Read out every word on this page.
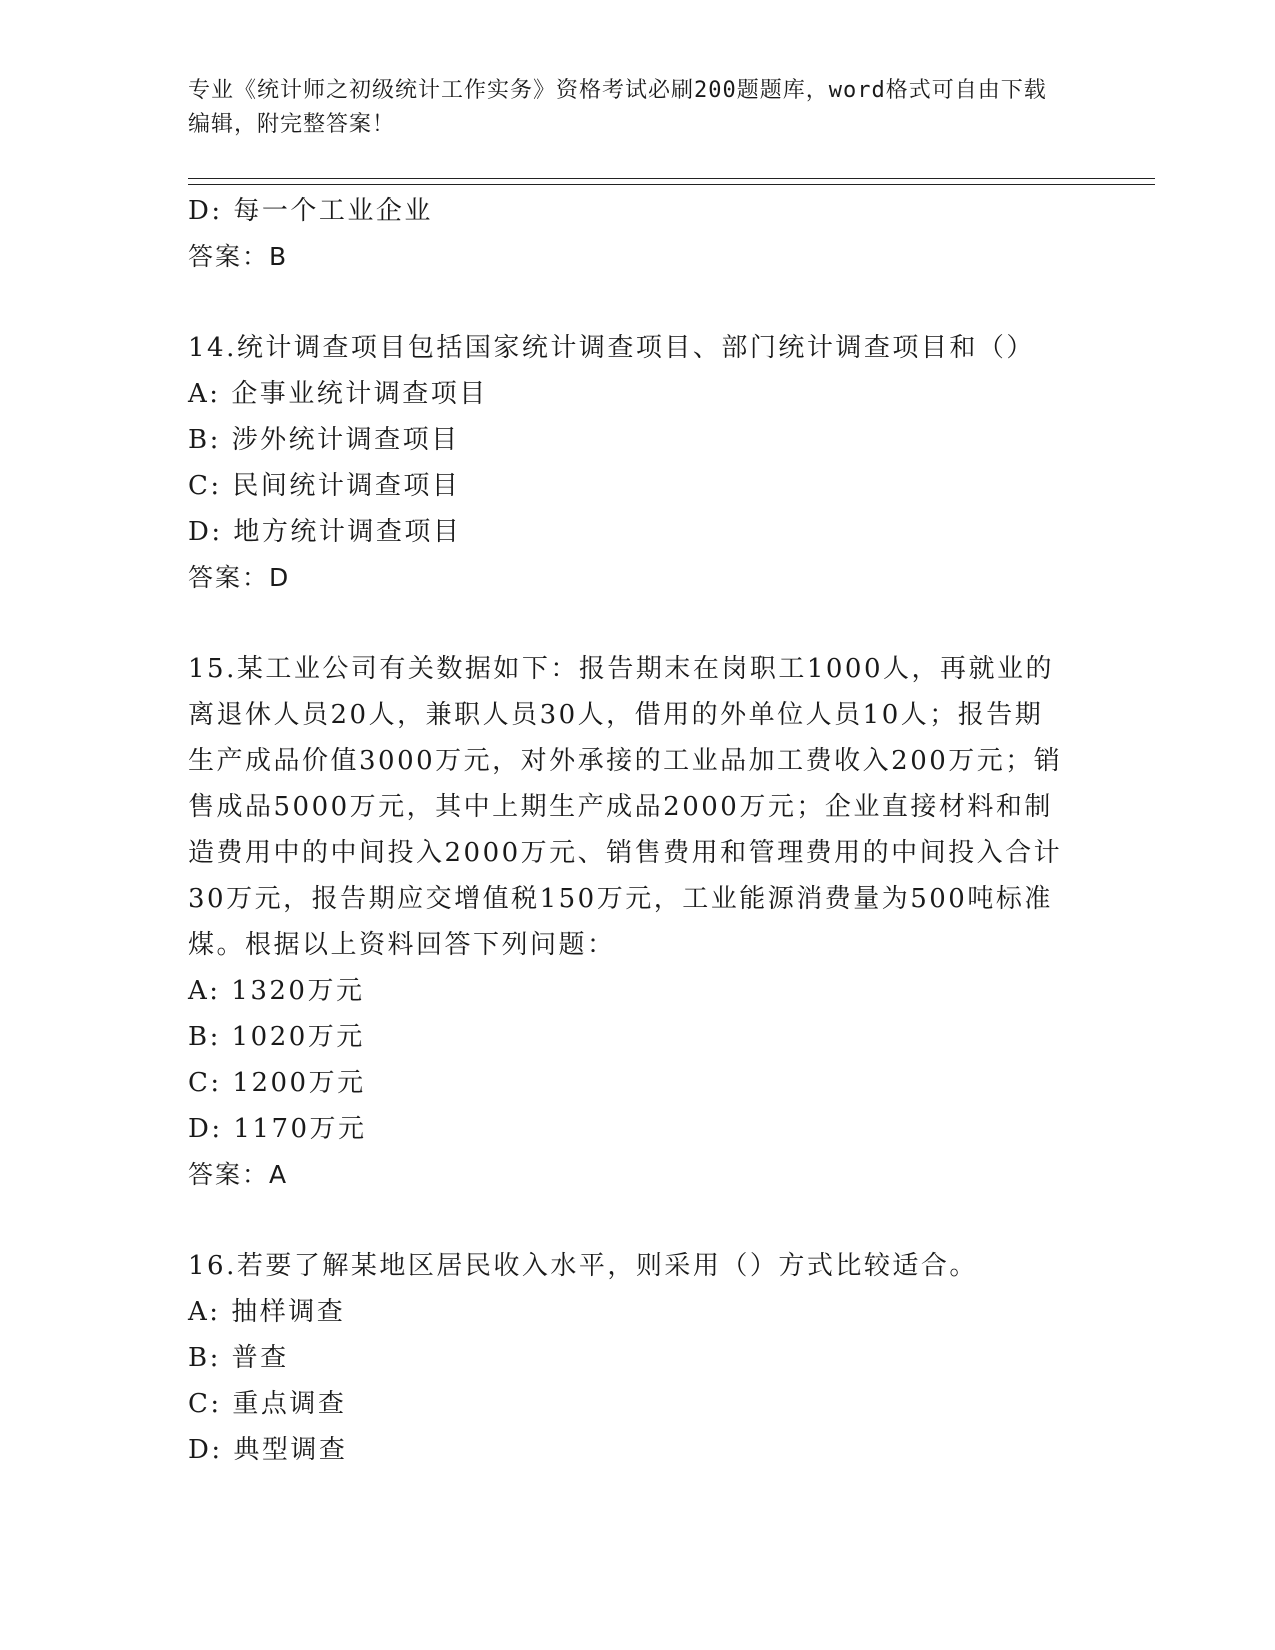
专业《统计师之初级统计工作实务》资格考试必刷200题题库，word格式可自由下载编辑，附完整答案！
D: 每一个工业企业
答案：B
14.统计调查项目包括国家统计调查项目、部门统计调查项目和（）
A: 企事业统计调查项目
B: 涉外统计调查项目
C: 民间统计调查项目
D: 地方统计调查项目
答案：D
15.某工业公司有关数据如下：报告期末在岗职工1000人，再就业的
离退休人员20人，兼职人员30人，借用的外单位人员10人；报告期
生产成品价值3000万元，对外承接的工业品加工费收入200万元；销
售成品5000万元，其中上期生产成品2000万元；企业直接材料和制
造费用中的中间投入2000万元、销售费用和管理费用的中间投入合计
30万元，报告期应交增值税150万元，工业能源消费量为500吨标准
煤。根据以上资料回答下列问题：
A: 1320万元
B: 1020万元
C: 1200万元
D: 1170万元
答案：A
16.若要了解某地区居民收入水平，则采用（）方式比较适合。
A: 抽样调查
B: 普查
C: 重点调查
D: 典型调查
